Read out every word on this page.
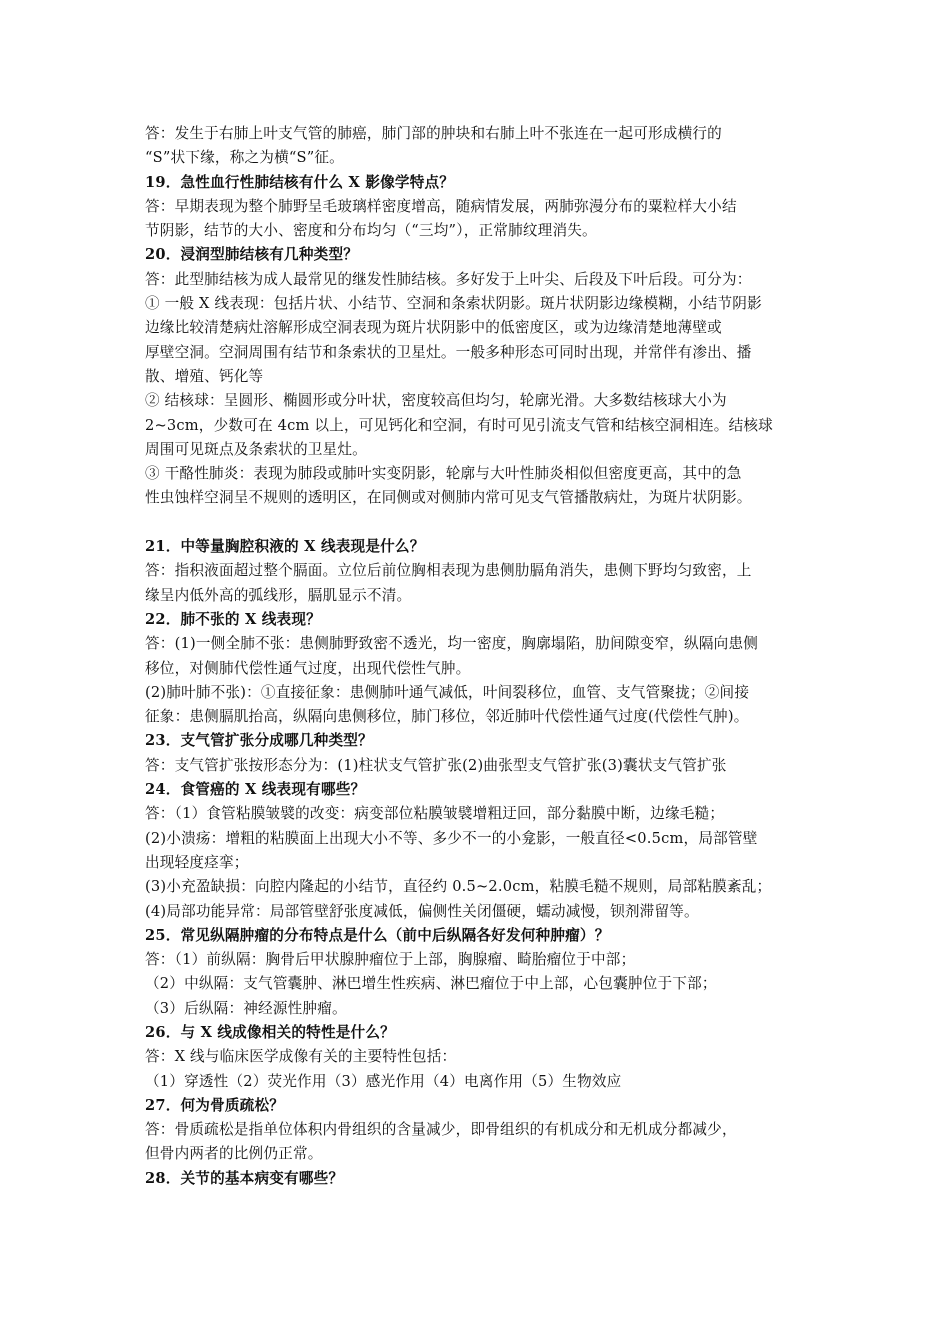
答：发生于右肺上叶支气管的肺癌，肺门部的肿块和右肺上叶不张连在一起可形成横行的
“S”状下缘，称之为横“S”征。
19．急性血行性肺结核有什么 X 影像学特点？
答：早期表现为整个肺野呈毛玻璃样密度增高，随病情发展，两肺弥漫分布的粟粒样大小结
节阴影，结节的大小、密度和分布均匀（“三均”），正常肺纹理消失。
20．浸润型肺结核有几种类型？
答：此型肺结核为成人最常见的继发性肺结核。多好发于上叶尖、后段及下叶后段。可分为：
① 一般 X 线表现：包括片状、小结节、空洞和条索状阴影。斑片状阴影边缘模糊，小结节阴影
边缘比较清楚病灶溶解形成空洞表现为斑片状阴影中的低密度区，或为边缘清楚地薄壁或
厚壁空洞。空洞周围有结节和条索状的卫星灶。一般多种形态可同时出现，并常伴有渗出、播
散、增殖、钙化等
② 结核球：呈圆形、椭圆形或分叶状，密度较高但均匀，轮廓光滑。大多数结核球大小为
2~3cm，少数可在 4cm 以上，可见钙化和空洞，有时可见引流支气管和结核空洞相连。结核球
周围可见斑点及条索状的卫星灶。
③ 干酪性肺炎：表现为肺段或肺叶实变阴影，轮廓与大叶性肺炎相似但密度更高，其中的急
性虫蚀样空洞呈不规则的透明区，在同侧或对侧肺内常可见支气管播散病灶，为斑片状阴影。
21．中等量胸腔积液的 X 线表现是什么？
答：指积液面超过整个膈面。立位后前位胸相表现为患侧肋膈角消失，患侧下野均匀致密，上
缘呈内低外高的弧线形，膈肌显示不清。
22．肺不张的 X 线表现？
答：(1)一侧全肺不张：患侧肺野致密不透光，均一密度，胸廓塌陷，肋间隙变窄，纵隔向患侧
移位，对侧肺代偿性通气过度，出现代偿性气肿。
(2)肺叶肺不张)：①直接征象：患侧肺叶通气减低，叶间裂移位，血管、支气管聚拢；②间接
征象：患侧膈肌抬高，纵隔向患侧移位，肺门移位，邻近肺叶代偿性通气过度(代偿性气肿)。
23．支气管扩张分成哪几种类型？
答：支气管扩张按形态分为：(1)柱状支气管扩张(2)曲张型支气管扩张(3)囊状支气管扩张
24．食管癌的 X 线表现有哪些？
答：（1）食管粘膜皱襞的改变：病变部位粘膜皱襞增粗迂回，部分黏膜中断，边缘毛糙；
(2)小溃疡：增粗的粘膜面上出现大小不等、多少不一的小龛影，一般直径<0.5cm，局部管壁
出现轻度痉挛；
(3)小充盈缺损：向腔内隆起的小结节，直径约 0.5~2.0cm，粘膜毛糙不规则，局部粘膜紊乱；
(4)局部功能异常：局部管壁舒张度减低，偏侧性关闭僵硬，蠕动减慢，钡剂滞留等。
25．常见纵隔肿瘤的分布特点是什么（前中后纵隔各好发何种肿瘤）？
答：（1）前纵隔：胸骨后甲状腺肿瘤位于上部，胸腺瘤、畸胎瘤位于中部；
（2）中纵隔：支气管囊肿、淋巴增生性疾病、淋巴瘤位于中上部，心包囊肿位于下部；
（3）后纵隔：神经源性肿瘤。
26．与 X 线成像相关的特性是什么？
答：X 线与临床医学成像有关的主要特性包括：
（1）穿透性（2）荧光作用（3）感光作用（4）电离作用（5）生物效应
27．何为骨质疏松？
答：骨质疏松是指单位体积内骨组织的含量减少，即骨组织的有机成分和无机成分都减少，
但骨内两者的比例仍正常。
28．关节的基本病变有哪些？
